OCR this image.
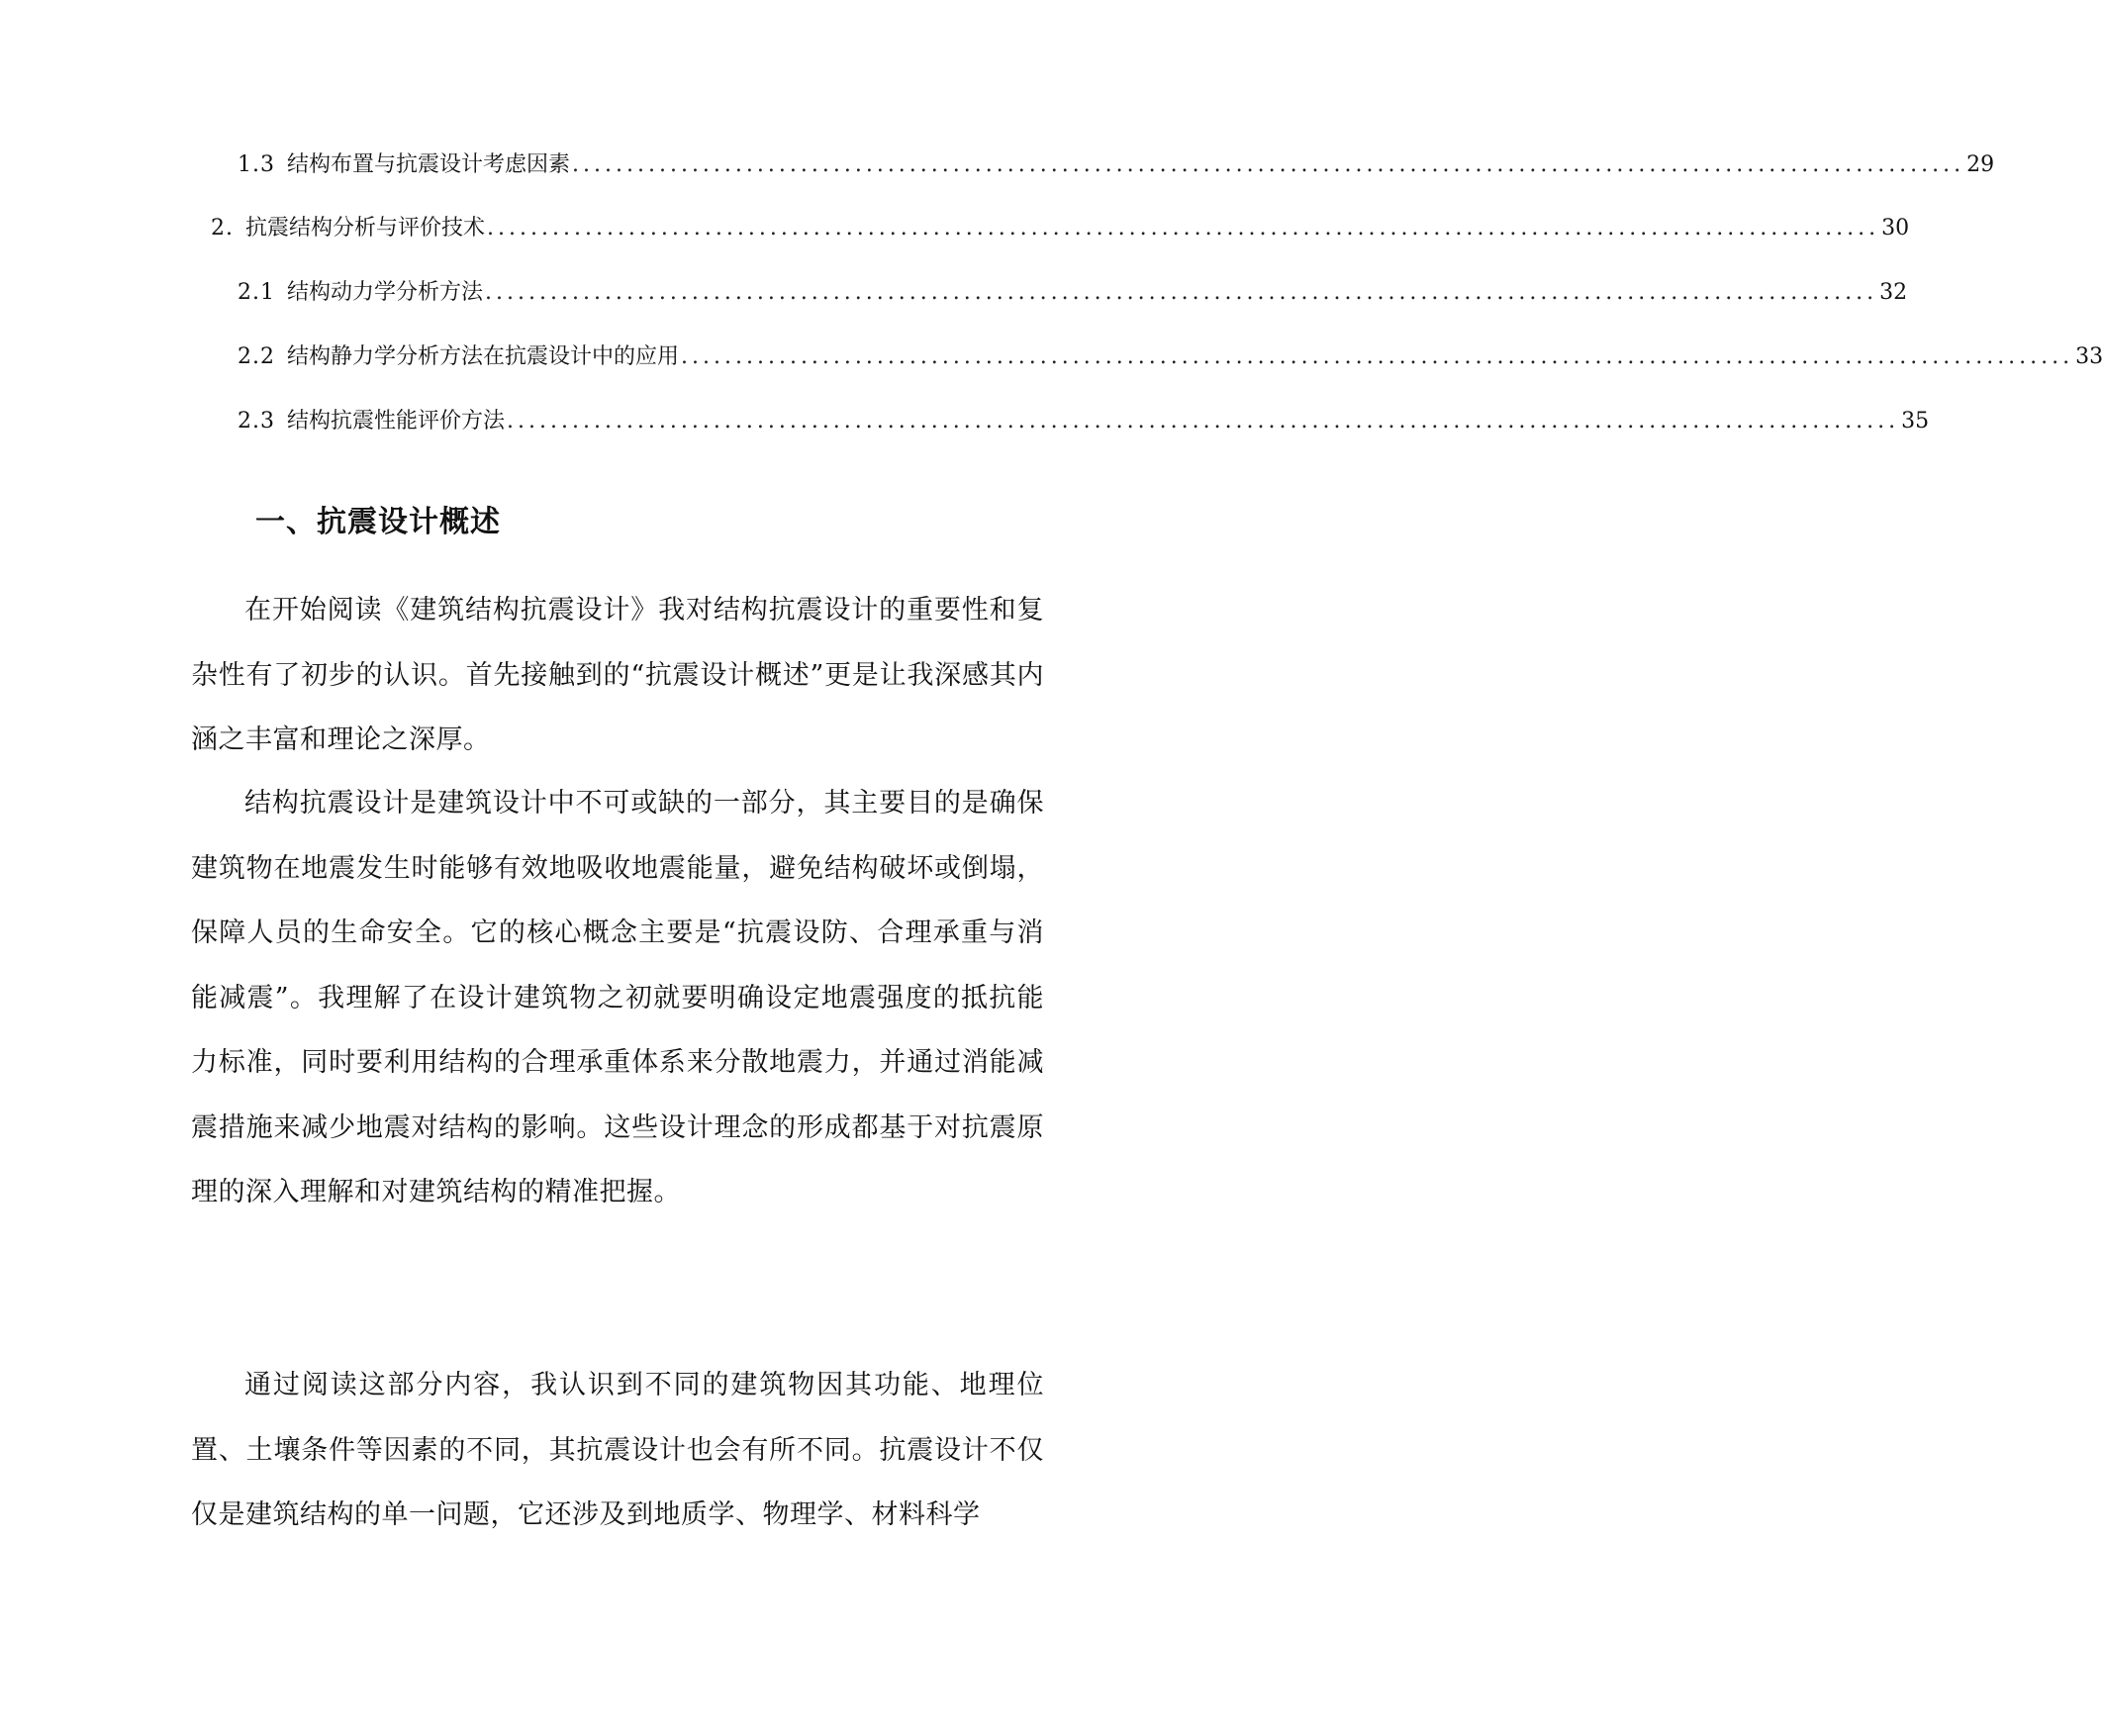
1.3 结构布置与抗震设计考虑因素 ................................................................................................................................ 29
2. 抗震结构分析与评价技术 ................................................................................................................................ 30
2.1 结构动力学分析方法 ................................................................................................................................ 32
2.2 结构静力学分析方法在抗震设计中的应用 ................................................................................................................................ 33
2.3 结构抗震性能评价方法 ................................................................................................................................ 35
一、抗震设计概述

在开始阅读《建筑结构抗震设计》我对结构抗震设计的重要性和复杂性有了初步的认识。首先接触到的“抗震设计概述”更是让我深感其内涵之丰富和理论之深厚。

结构抗震设计是建筑设计中不可或缺的一部分，其主要目的是确保建筑物在地震发生时能够有效地吸收地震能量，避免结构破坏或倒塌，保障人员的生命安全。它的核心概念主要是“抗震设防、合理承重与消能减震”。我理解了在设计建筑物之初就要明确设定地震强度的抵抗能力标准，同时要利用结构的合理承重体系来分散地震力，并通过消能减震措施来减少地震对结构的影响。这些设计理念的形成都基于对抗震原理的深入理解和对建筑结构的精准把握。

通过阅读这部分内容，我认识到不同的建筑物因其功能、地理位置、土壤条件等因素的不同，其抗震设计也会有所不同。抗震设计不仅仅是建筑结构的单一问题，它还涉及到地质学、物理学、材料科学
